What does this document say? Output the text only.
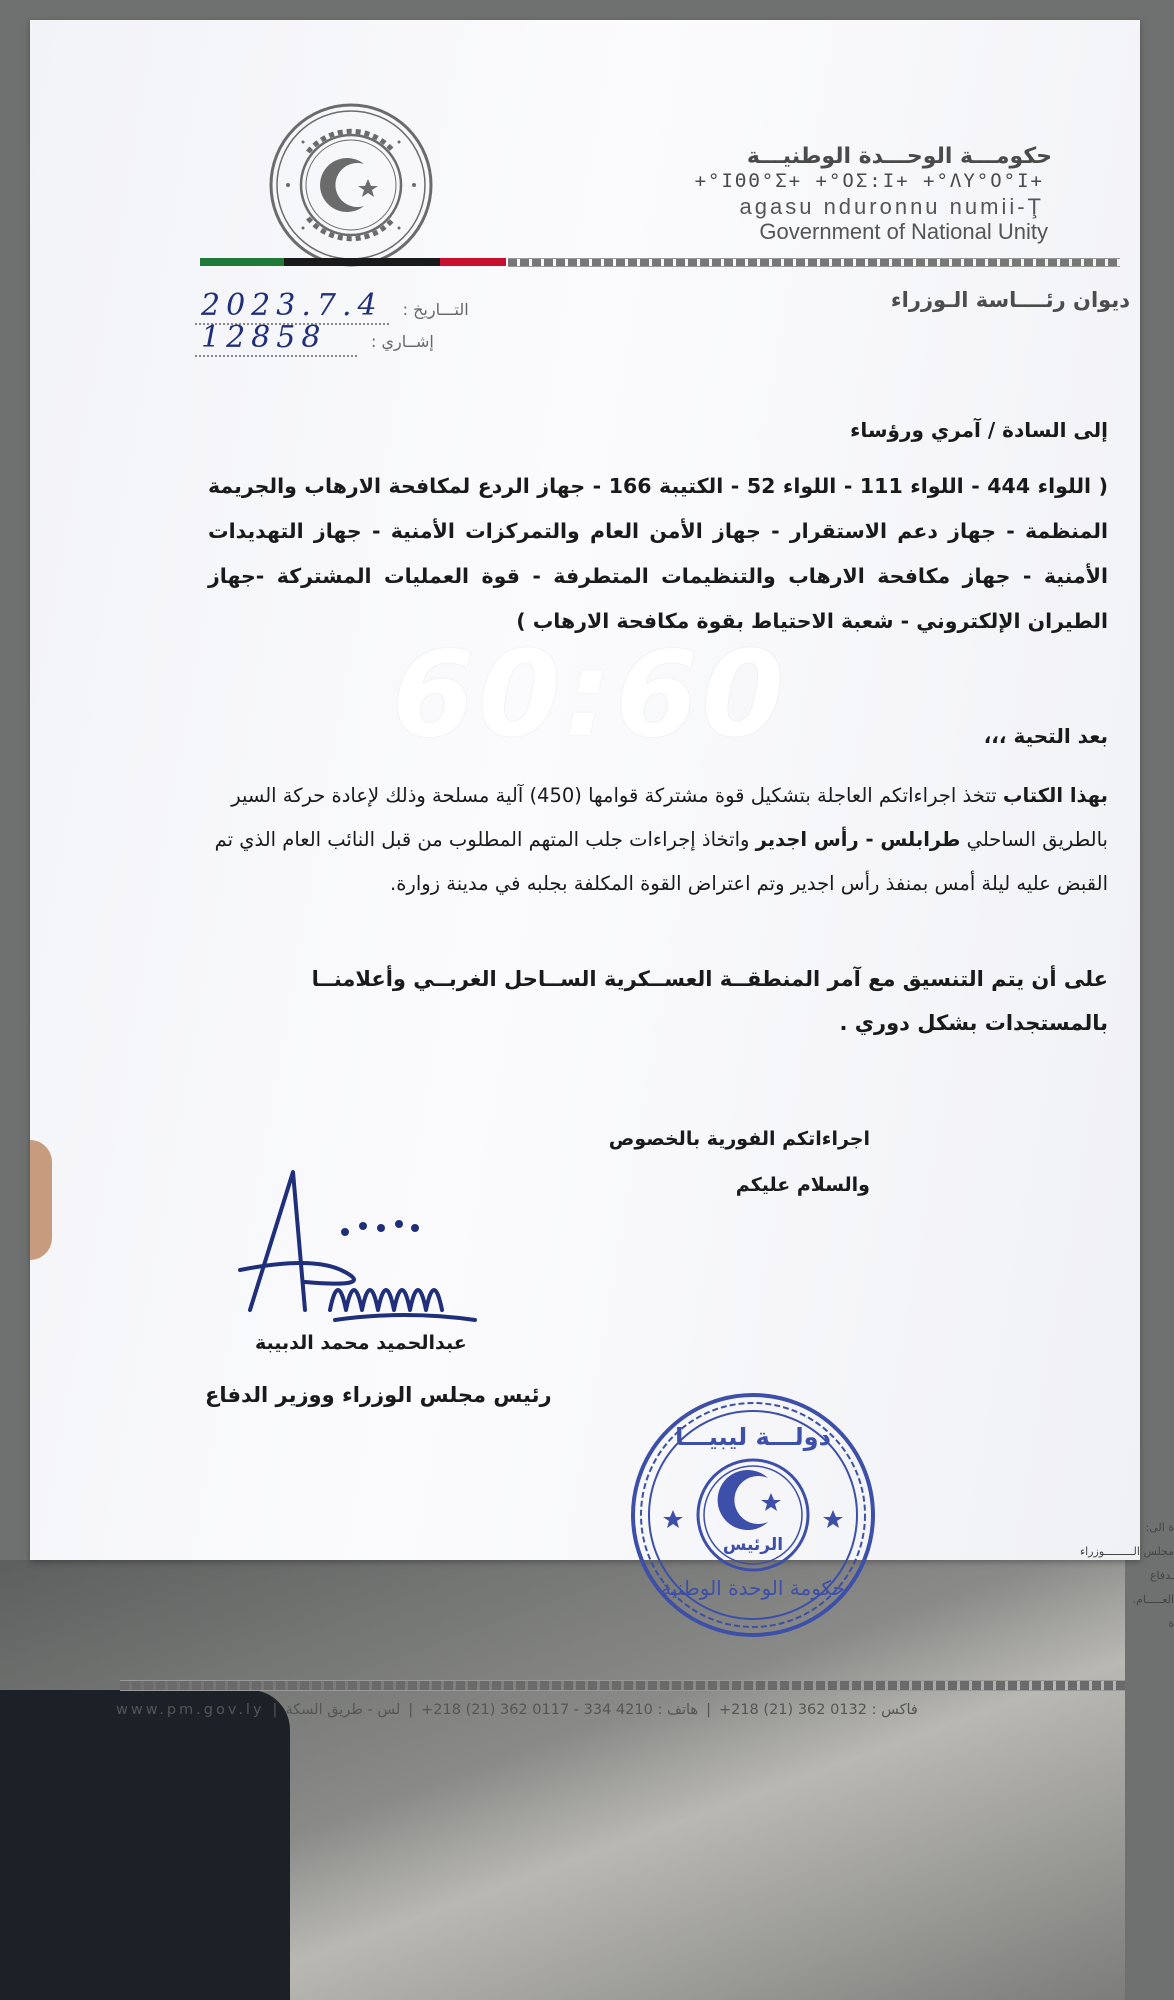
حكومـــة الوحـــدة الوطنيـــة
+°IΘΘ°Σ+ +°ΟΣ:I+ +°ΛΥ°Ο°I+
agasu nduronnu numii-Ţ
Government of National Unity
ديوان رئــــاسة الـوزراء
2023.7.4	التـــاريخ :
12858	إشــاري :
إلى السادة / آمري ورؤساء
( اللواء 444 - اللواء 111 - اللواء 52 - الكتيبة 166 - جهاز الردع لمكافحة الارهاب والجريمة المنظمة - جهاز دعم الاستقرار - جهاز الأمن العام والتمركزات الأمنية - جهاز التهديدات الأمنية - جهاز مكافحة الارهاب والتنظيمات المتطرفة - قوة العمليات المشتركة -جهاز الطيران الإلكتروني - شعبة الاحتياط بقوة مكافحة الارهاب )
بعد التحية ،،،
بهذا الكتاب تتخذ اجراءاتكم العاجلة بتشكيل قوة مشتركة قوامها (450) آلية مسلحة وذلك لإعادة حركة السير بالطريق الساحلي طرابلس - رأس اجدير واتخاذ إجراءات جلب المتهم المطلوب من قبل النائب العام الذي تم القبض عليه ليلة أمس بمنفذ رأس اجدير وتم اعتراض القوة المكلفة بجلبه في مدينة زوارة.
على أن يتم التنسيق مع آمر المنطقــة العســكرية الســاحل الغربــي وأعلامنــا بالمستجدات بشكل دوري .
اجراءاتكم الفورية بالخصوص
والسلام عليكم
عبدالحميد محمد الدبيبة
رئيس مجلس الوزراء ووزير الدفاع
دولـــة ليبيـــا
الرئيس
حكومة الوحدة الوطنية
ة الى:
مجلس الـــــــــوزراء
ـدفاع
العـــــام.
ة
60:60
www.pm.gov.ly |	فاكس : 0132 362 (21) 218+|هاتف : 4210 334 - 0117 362 (21) 218+|لس - طريق السكة
